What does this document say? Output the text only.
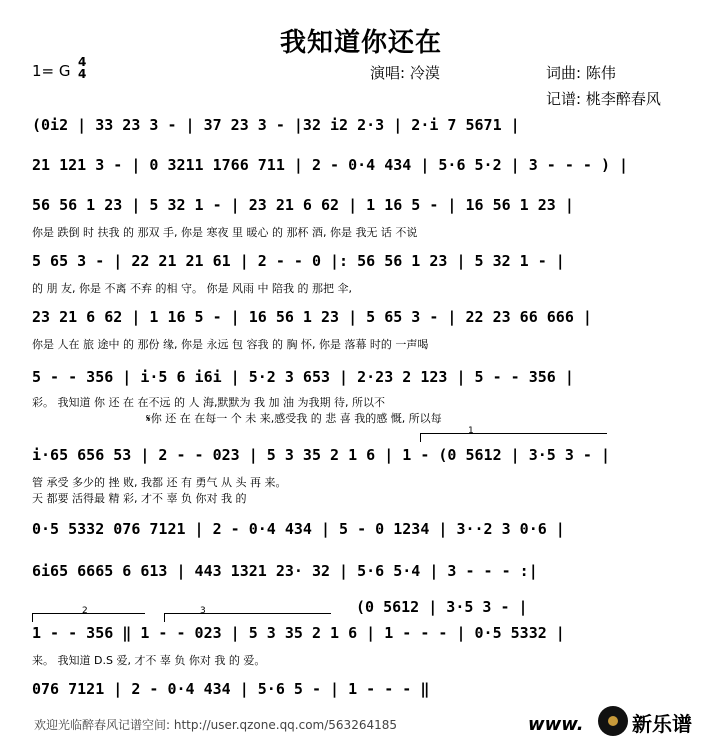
我知道你还在
1= G 4
4	演唱: 冷漠	词曲: 陈伟
记谱: 桃李醉春风
(0i2 | 33 23 3 - | 37 23 3 - |32 i2 2·3 | 2·i 7 5671 |
21 121 3 - | 0 3211 1766 711 | 2 - 0·4 434 | 5·6 5·2 | 3 - - - ) |
56 56 1 23 | 5 32 1 - | 23 21 6 62 | 1 16 5 - | 16 56 1 23 |
你是 跌倒 时 扶我 的 那双 手, 你是 寒夜 里 暖心 的 那杯 酒, 你是 我无 话 不说
5 65 3 - | 22 21 21 61 | 2 - - 0 |: 56 56 1 23 | 5 32 1 - |
的 朋 友, 你是 不离 不弃 的相 守。 你是 风雨 中 陪我 的 那把 伞,
23 21 6 62 | 1 16 5 - | 16 56 1 23 | 5 65 3 - | 22 23 66 666 |
你是 人在 旅 途中 的 那份 缘, 你是 永远 包 容我 的 胸 怀, 你是 落幕 时的 一声喝
5 - - 356 | i·5 6 i6i | 5·2 3 653 | 2·23 2 123 | 5 - - 356 |
彩。 我知道 你 还 在 在不远 的 人 海,默默为 我 加 油 为我期 待, 所以不
𝄋你 还 在 在每一 个 未 来,感受我 的 悲 喜 我的感 慨, 所以每
1
i·65 656 53 | 2 - - 023 | 5 3 35 2 1 6 | 1 - (0 5612 | 3·5 3 - |
管 承受 多少的 挫 败, 我都 还 有 勇气 从 头 再 来。
天 都要 活得最 精 彩, 才不 辜 负 你对 我 的
0·5 5332 076 7121 | 2 - 0·4 434 | 5 - 0 1234 | 3··2 3 0·6 |
6i65 6665 6 613 | 443 1321 23· 32 | 5·6 5·4 | 3 - - - :|
2	3	(0 5612 | 3·5 3 - |
1 - - 356 ‖ 1 - - 023 | 5 3 35 2 1 6 | 1 - - - | 0·5 5332 |
来。 我知道 D.S 爱, 才不 辜 负 你对 我 的 爱。
076 7121 | 2 - 0·4 434 | 5·6 5 - | 1 - - - ‖
欢迎光临醉春风记谱空间: http://user.qzone.qq.com/563264185	www. 新乐谱
